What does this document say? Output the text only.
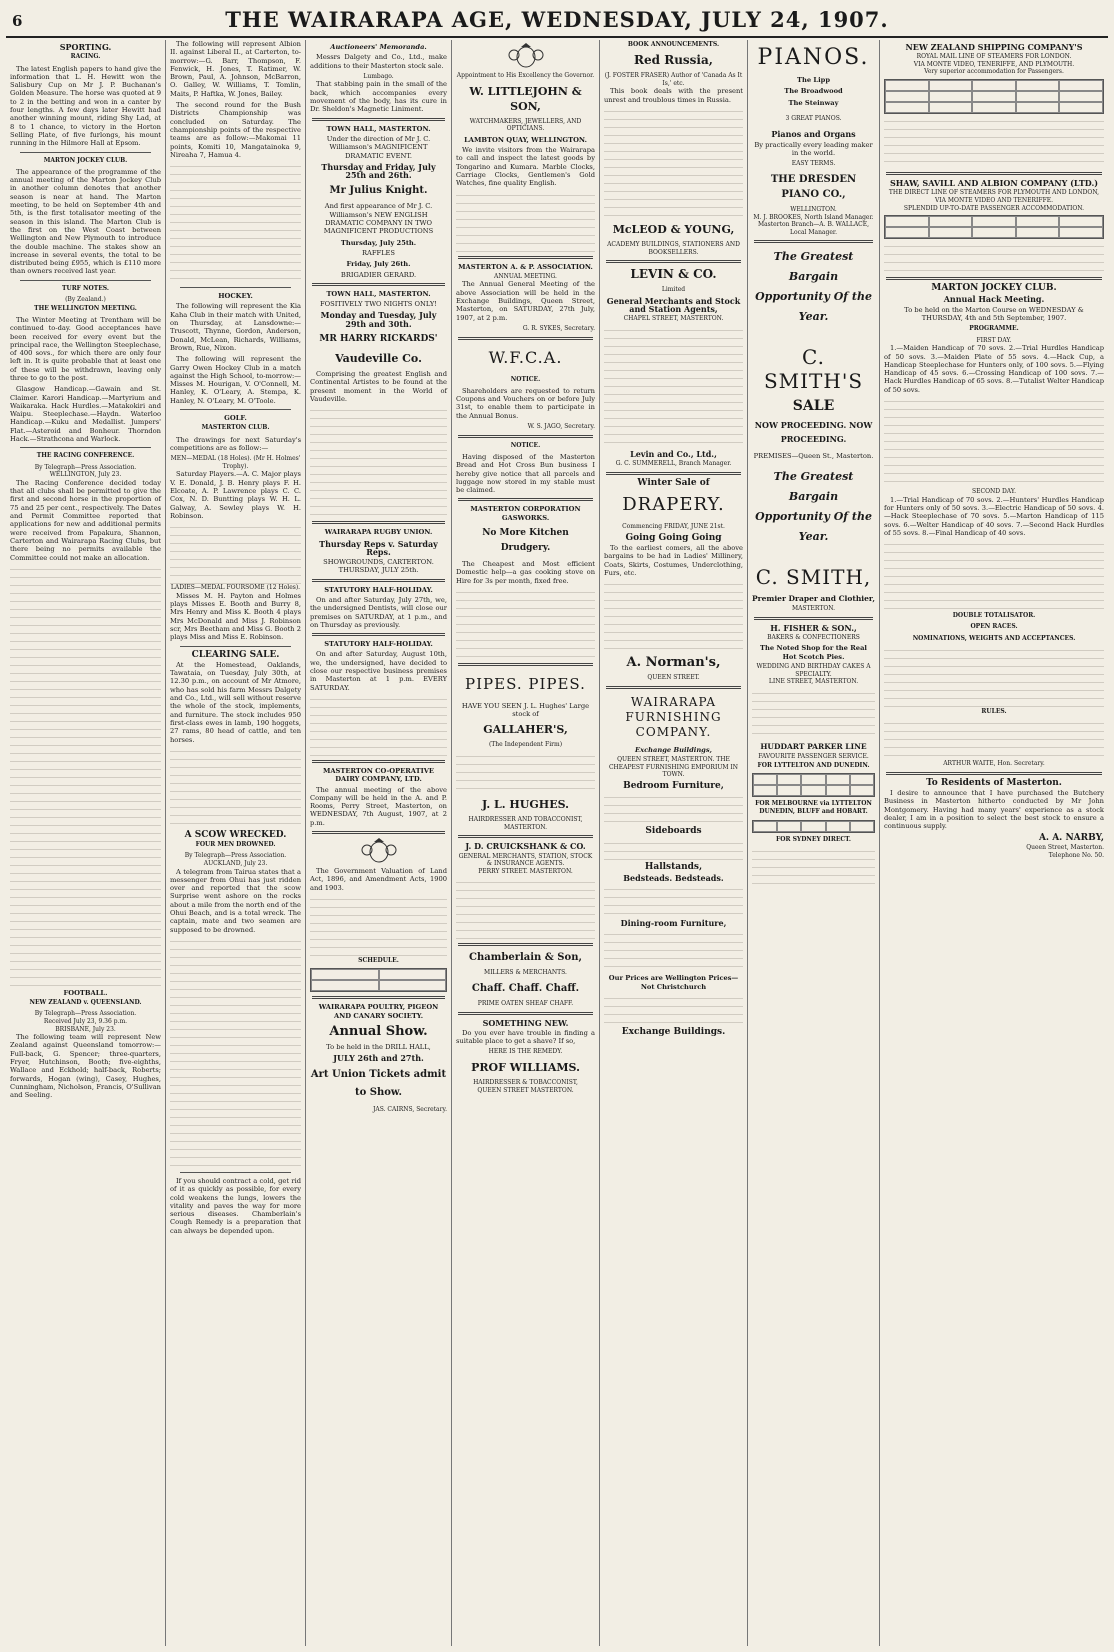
6	THE WAIRARAPA AGE, WEDNESDAY, JULY 24, 1907.
SPORTING.
RACING.

The latest English papers to hand give the information that L. H. Hewitt won the Salisbury Cup on Mr J. P. Buchanan's Golden Measure. The horse was quoted at 9 to 2 in the betting and won in a canter by four lengths. A few days later Hewitt had another winning mount, riding Shy Lad, at 8 to 1 chance, to victory in the Horton Selling Plate, of five furlongs, his mount running in the Hilmore Hall at Epsom.

MARTON JOCKEY CLUB.

The appearance of the programme of the annual meeting of the Marton Jockey Club in another column denotes that another season is near at hand. The Marton meeting, to be held on September 4th and 5th, is the first totalisator meeting of the season in this island. The Marton Club is the first on the West Coast between Wellington and New Plymouth to introduce the double machine. The stakes show an increase in several events, the total to be distributed being £955, which is £110 more than owners received last year.

TURF NOTES.
(By Zealand.)
THE WELLINGTON MEETING.

The Winter Meeting at Trentham will be continued to-day. Good acceptances have been received for every event but the principal race, the Wellington Steeplechase, of 400 sovs., for which there are only four left in. It is quite probable that at least one of these will be withdrawn, leaving only three to go to the post.

Glasgow Handicap.—Gawain and St. Claimer. Karori Handicap.—Martyrium and Waikaraka. Hack Hurdles.—Matakokiri and Waipu. Steeplechase.—Haydn. Waterloo Handicap.—Kuku and Medallist. Jumpers' Flat.—Asteroid and Bonheur. Thorndon Hack.—Strathcona and Warlock.

THE RACING CONFERENCE.
By Telegraph—Press Association.
WELLINGTON, July 23.

The Racing Conference decided today that all clubs shall be permitted to give the first and second horse in the proportion of 75 and 25 per cent., respectively. The Dates and Permit Committee reported that applications for new and additional permits were received from Papakura, Shannon, Carterton and Wairarapa Racing Clubs, but there being no permits available the Committee could not make an allocation.

FOOTBALL.
NEW ZEALAND v. QUEENSLAND.
By Telegraph—Press Association.
Received July 23, 9.36 p.m.
BRISBANE, July 23.

The following team will represent New Zealand against Queensland tomorrow:—Full-back, G. Spencer; three-quarters, Fryer, Hutchinson, Booth; five-eighths, Wallace and Eckhold; half-back, Roberts; forwards, Hogan (wing), Casey, Hughes, Cunningham, Nicholson, Francis, O'Sullivan and Seeling.

The following will represent Albion II. against Liberal II., at Carterton, to-morrow:—G. Barr, Thompson, F. Fenwick, H. Jones, T. Ratimer, W. Brown, Paul, A. Johnson, McBarron, O. Galley, W. Williams, T. Tomlin, Maits, P. Haftka, W. Jones, Bailey.

The second round for the Bush Districts Championship was concluded on Saturday. The championship points of the respective teams are as follow:—Makomai 11 points, Komiti 10, Mangatainoka 9, Nireaha 7, Hamua 4.

HOCKEY.

The following will represent the Kia Kaha Club in their match with United, on Thursday, at Lansdowne:—Truscott, Thynne, Gordon, Anderson, Donald, McLean, Richards, Williams, Brown, Rue, Nixon.

The following will represent the Garry Owen Hockey Club in a match against the High School, to-morrow:—Misses M. Hourigan, V. O'Connell, M. Hanley, K. O'Leary, A. Stempa, K. Hanley, N. O'Leary, M. O'Toole.

GOLF.
MASTERTON CLUB.

The drawings for next Saturday's competitions are as follow:—

MEN—MEDAL (18 Holes). (Mr H. Holmes' Trophy).

Saturday Players.—A. C. Major plays V. E. Donald, J. B. Henry plays F. H. Elcoate, A. P. Lawrence plays C. C. Cox, N. D. Buntting plays W. H. L. Galway, A. Sewley plays W. H. Robinson.

LADIES—MEDAL FOURSOME (12 Holes).

Misses M. H. Payton and Holmes plays Misses E. Booth and Burry 8, Mrs Henry and Miss K. Booth 4 plays Mrs McDonald and Miss J. Robinson scr, Mrs Beetham and Miss G. Booth 2 plays Miss and Miss E. Robinson.

CLEARING SALE.

At the Homestead, Oaklands, Tawataia, on Tuesday, July 30th, at 12.30 p.m., on account of Mr Atmore, who has sold his farm Messrs Dalgety and Co., Ltd., will sell without reserve the whole of the stock, implements, and furniture. The stock includes 950 first-class ewes in lamb, 190 hoggets, 27 rams, 80 head of cattle, and ten horses.

A SCOW WRECKED.
FOUR MEN DROWNED.
By Telegraph—Press Association.
AUCKLAND, July 23.

A telegram from Tairua states that a messenger from Ohui has just ridden over and reported that the scow Surprise went ashore on the rocks about a mile from the north end of the Ohui Beach, and is a total wreck. The captain, mate and two seamen are supposed to be drowned.

If you should contract a cold, get rid of it as quickly as possible, for every cold weakens the lungs, lowers the vitality and paves the way for more serious diseases. Chamberlain's Cough Remedy is a preparation that can always be depended upon.

Auctioneers' Memoranda.

Messrs Dalgety and Co., Ltd., make additions to their Masterton stock sale.

Lumbago.

That stabbing pain in the small of the back, which accompanies every movement of the body, has its cure in Dr. Sheldon's Magnetic Liniment.

TOWN HALL, MASTERTON.

Under the direction of Mr J. C. Williamson's MAGNIFICENT DRAMATIC EVENT.

Thursday and Friday, July 25th and 26th.
Mr Julius Knight.

And first appearance of Mr J. C. Williamson's NEW ENGLISH DRAMATIC COMPANY IN TWO MAGNIFICENT PRODUCTIONS

Thursday, July 25th.
RAFFLES
Friday, July 26th.
BRIGADIER GERARD.
TOWN HALL, MASTERTON.
FOSITIVELY TWO NIGHTS ONLY!
Monday and Tuesday, July 29th and 30th.
MR HARRY RICKARDS'
Vaudeville Co.

Comprising the greatest English and Continental Artistes to be found at the present moment in the World of Vaudeville.

WAIRARAPA RUGBY UNION.
Thursday Reps v. Saturday Reps.

SHOWGROUNDS, CARTERTON. THURSDAY, JULY 25th.

STATUTORY HALF-HOLIDAY.

On and after Saturday, July 27th, we, the undersigned Dentists, will close our premises on SATURDAY, at 1 p.m., and on Thursday as previously.

STATUTORY HALF-HOLIDAY.

On and after Saturday, August 10th, we, the undersigned, have decided to close our respective business premises in Masterton at 1 p.m. EVERY SATURDAY.

MASTERTON CO-OPERATIVE DAIRY COMPANY, LTD.

The annual meeting of the above Company will be held in the A. and P. Rooms, Perry Street, Masterton, on WEDNESDAY, 7th August, 1907, at 2 p.m.

The Government Valuation of Land Act, 1896, and Amendment Acts, 1900 and 1903.

SCHEDULE.
WAIRARAPA POULTRY, PIGEON AND CANARY SOCIETY.
Annual Show.
To be held in the DRILL HALL,
JULY 26th and 27th.
Art Union Tickets admit to Show.
JAS. CAIRNS, Secretary.
Appointment to His Excellency the Governor.
W. LITTLEJOHN & SON,
WATCHMAKERS, JEWELLERS, AND OPTICIANS.
LAMBTON QUAY, WELLINGTON.

We invite visitors from the Wairarapa to call and inspect the latest goods by Tongarino and Kumara. Marble Clocks, Carriage Clocks, Gentlemen's Gold Watches, fine quality English.

MASTERTON A. & P. ASSOCIATION.
ANNUAL MEETING.

The Annual General Meeting of the above Association will be held in the Exchange Buildings, Queen Street, Masterton, on SATURDAY, 27th July, 1907, at 2 p.m.

G. R. SYKES, Secretary.
W.F.C.A.
NOTICE.

Shareholders are requested to return Coupons and Vouchers on or before July 31st, to enable them to participate in the Annual Bonus.

W. S. JAGO, Secretary.
NOTICE.

Having disposed of the Masterton Bread and Hot Cross Bun business I hereby give notice that all parcels and luggage now stored in my stable must be claimed.

MASTERTON CORPORATION GASWORKS.
No More Kitchen Drudgery.

The Cheapest and Most efficient Domestic help—a gas cooking stove on Hire for 3s per month, fixed free.

PIPES. PIPES.
HAVE YOU SEEN J. L. Hughes' Large stock of
GALLAHER'S,
(The Independent Firm)
J. L. HUGHES.
HAIRDRESSER AND TOBACCONIST, MASTERTON.
J. D. CRUICKSHANK & CO.
GENERAL MERCHANTS, STATION, STOCK & INSURANCE AGENTS.
PERRY STREET. MASTERTON.
Chamberlain & Son,
MILLERS & MERCHANTS.
Chaff. Chaff. Chaff.
PRIME OATEN SHEAF CHAFF.
SOMETHING NEW.

Do you ever have trouble in finding a suitable place to get a shave? If so,

HERE IS THE REMEDY.
PROF WILLIAMS.
HAIRDRESSER & TOBACCONIST,
QUEEN STREET MASTERTON.
BOOK ANNOUNCEMENTS.
Red Russia,
(J. FOSTER FRASER) Author of 'Canada As It Is,' etc.

This book deals with the present unrest and troublous times in Russia.

McLEOD & YOUNG,
ACADEMY BUILDINGS, STATIONERS AND BOOKSELLERS.
LEVIN & CO.
Limited
General Merchants and Stock and Station Agents,
CHAPEL STREET, MASTERTON.
Levin and Co., Ltd.,
G. C. SUMMERELL, Branch Manager.
Winter Sale of
DRAPERY.
Commencing FRIDAY, JUNE 21st.
Going Going Going

To the earliest comers, all the above bargains to be had in Ladies' Millinery, Coats, Skirts, Costumes, Underclothing, Furs, etc.

A. Norman's,
QUEEN STREET.
WAIRARAPA FURNISHING COMPANY.
Exchange Buildings,
QUEEN STREET, MASTERTON. THE CHEAPEST FURNISHING EMPORIUM IN TOWN.
Bedroom Furniture,
Sideboards
Hallstands,
Bedsteads. Bedsteads.
Dining-room Furniture,
Our Prices are Wellington Prices—Not Christchurch
Exchange Buildings.
PIANOS.
The Lipp
The Broadwood
The Steinway
3 GREAT PIANOS.
Pianos and Organs

By practically every leading maker in the world.

EASY TERMS.
THE DRESDEN PIANO CO.,
WELLINGTON.
M. J. BROOKES, North Island Manager.
Masterton Branch—A. B. WALLACE, Local Manager.
The Greatest Bargain Opportunity Of the Year.
C. SMITH'S
SALE
NOW PROCEEDING. NOW PROCEEDING.
PREMISES—Queen St., Masterton.
The Greatest Bargain Opportunity Of the Year.
C. SMITH,
Premier Draper and Clothier,
MASTERTON.
H. FISHER & SON.,
BAKERS & CONFECTIONERS
The Noted Shop for the Real Hot Scotch Pies.
WEDDING AND BIRTHDAY CAKES A SPECIALTY.
LINE STREET, MASTERTON.
HUDDART PARKER LINE
FAVOURITE PASSENGER SERVICE.
FOR LYTTELTON AND DUNEDIN.
FOR MELBOURNE via LYTTELTON DUNEDIN, BLUFF and HOBART.
FOR SYDNEY DIRECT.
NEW ZEALAND SHIPPING COMPANY'S
ROYAL MAIL LINE OF STEAMERS FOR LONDON.
VIA MONTE VIDEO, TENERIFFE, AND PLYMOUTH.
Very superior accommodation for Passengers.
SHAW, SAVILL AND ALBION COMPANY (LTD.)
THE DIRECT LINE OF STEAMERS FOR PLYMOUTH AND LONDON, VIA MONTE VIDEO AND TENERIFFE.
SPLENDID UP-TO-DATE PASSENGER ACCOMMODATION.
MARTON JOCKEY CLUB.
Annual Hack Meeting.

To be held on the Marton Course on WEDNESDAY & THURSDAY, 4th and 5th September, 1907.

PROGRAMME.
FIRST DAY.

1.—Maiden Handicap of 70 sovs. 2.—Trial Hurdles Handicap of 50 sovs. 3.—Maiden Plate of 55 sovs. 4.—Hack Cup, a Handicap Steeplechase for Hunters only, of 100 sovs. 5.—Flying Handicap of 45 sovs. 6.—Crossing Handicap of 100 sovs. 7.—Hack Hurdles Handicap of 65 sovs. 8.—Tutalist Welter Handicap of 50 sovs.

SECOND DAY.

1.—Trial Handicap of 70 sovs. 2.—Hunters' Hurdles Handicap for Hunters only of 50 sovs. 3.—Electric Handicap of 50 sovs. 4.—Hack Steeplechase of 70 sovs. 5.—Marton Handicap of 115 sovs. 6.—Welter Handicap of 40 sovs. 7.—Second Hack Hurdles of 55 sovs. 8.—Final Handicap of 40 sovs.

DOUBLE TOTALISATOR.
OPEN RACES.
NOMINATIONS, WEIGHTS AND ACCEPTANCES.
RULES.
ARTHUR WAITE, Hon. Secretary.
To Residents of Masterton.

I desire to announce that I have purchased the Butchery Business in Masterton hitherto conducted by Mr John Montgomery. Having had many years' experience as a stock dealer, I am in a position to select the best stock to ensure a continuous supply.

A. A. NARBY,
Queen Street, Masterton.
Telephone No. 50.
